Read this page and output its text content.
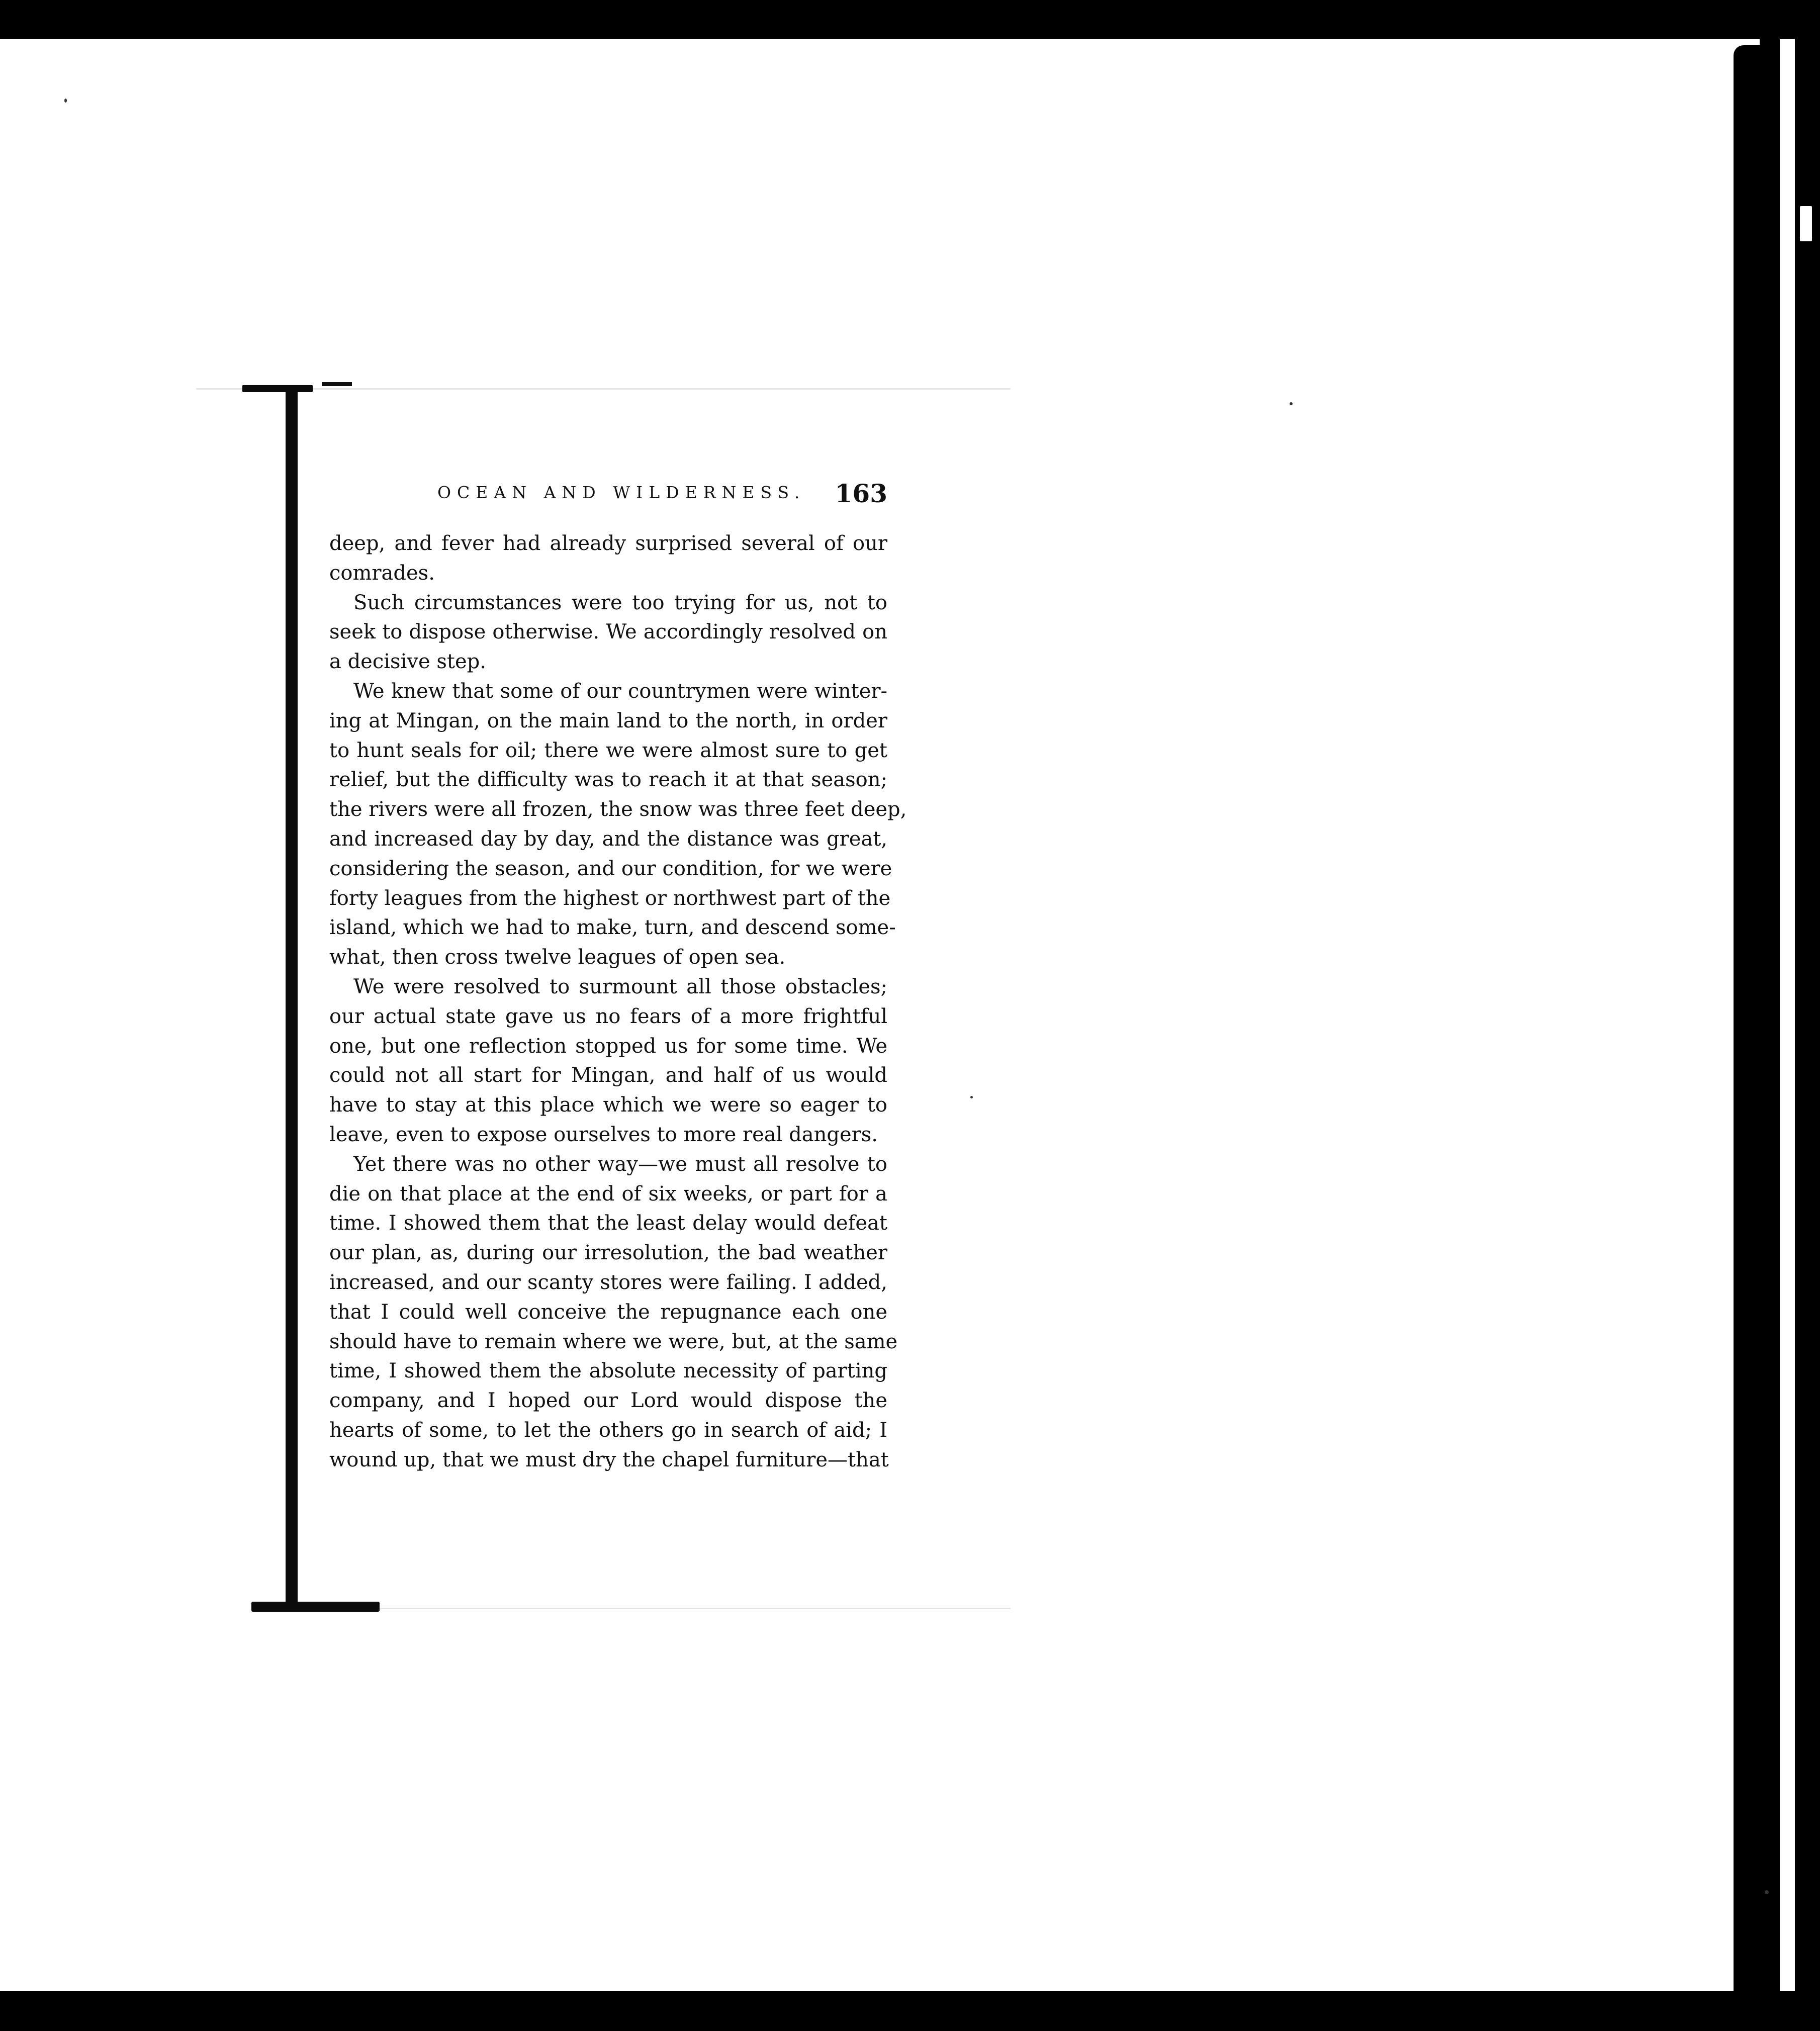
OCEAN AND WILDERNESS. 163
deep, and fever had already surprised several of our
comrades.
Such circumstances were too trying for us, not to
seek to dispose otherwise. We accordingly resolved on
a decisive step.
We knew that some of our countrymen were winter-
ing at Mingan, on the main land to the north, in order
to hunt seals for oil; there we were almost sure to get
relief, but the difficulty was to reach it at that season;
the rivers were all frozen, the snow was three feet deep,
and increased day by day, and the distance was great,
considering the season, and our condition, for we were
forty leagues from the highest or northwest part of the
island, which we had to make, turn, and descend some-
what, then cross twelve leagues of open sea.
We were resolved to surmount all those obstacles;
our actual state gave us no fears of a more frightful
one, but one reflection stopped us for some time. We
could not all start for Mingan, and half of us would
have to stay at this place which we were so eager to
leave, even to expose ourselves to more real dangers.
Yet there was no other way—we must all resolve to
die on that place at the end of six weeks, or part for a
time. I showed them that the least delay would defeat
our plan, as, during our irresolution, the bad weather
increased, and our scanty stores were failing. I added,
that I could well conceive the repugnance each one
should have to remain where we were, but, at the same
time, I showed them the absolute necessity of parting
company, and I hoped our Lord would dispose the
hearts of some, to let the others go in search of aid; I
wound up, that we must dry the chapel furniture—that
